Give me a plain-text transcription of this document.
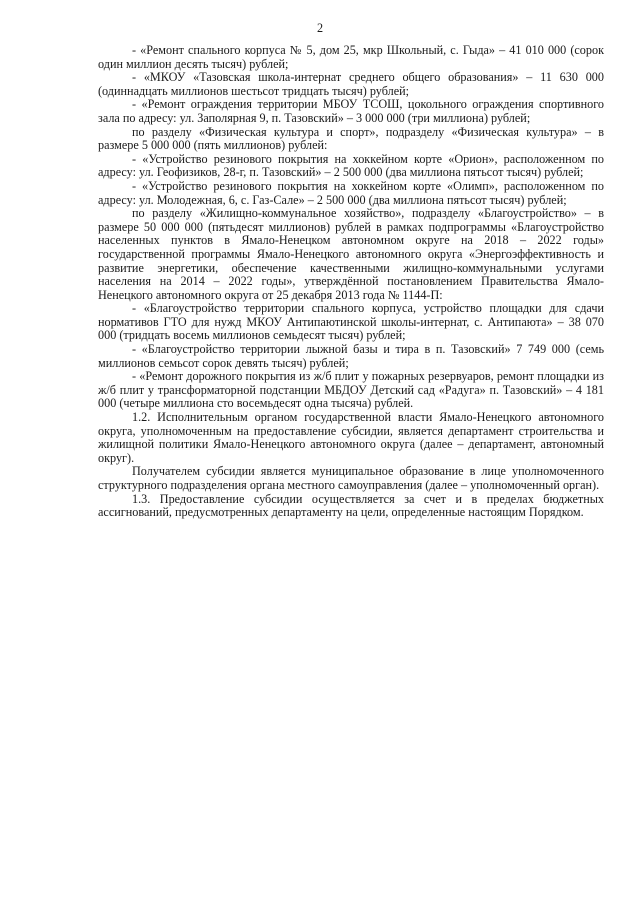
2

- «Ремонт спального корпуса № 5, дом 25, мкр Школьный, с. Гыда» – 41 010 000 (сорок один миллион десять тысяч) рублей;

- «МКОУ «Тазовская школа-интернат среднего общего образования» – 11 630 000 (одиннадцать миллионов шестьсот тридцать тысяч) рублей;

- «Ремонт ограждения территории МБОУ ТСОШ, цокольного ограждения спортивного зала по адресу: ул. Заполярная 9, п. Тазовский» – 3 000 000 (три миллиона) рублей;

по разделу «Физическая культура и спорт», подразделу «Физическая культура» – в размере 5 000 000 (пять миллионов) рублей:

- «Устройство резинового покрытия на хоккейном корте «Орион», расположенном по адресу: ул. Геофизиков, 28-г, п. Тазовский» – 2 500 000 (два миллиона пятьсот тысяч) рублей;

- «Устройство резинового покрытия на хоккейном корте «Олимп», расположенном по адресу: ул. Молодежная, 6, с. Газ-Сале» – 2 500 000 (два миллиона пятьсот тысяч) рублей;

по разделу «Жилищно-коммунальное хозяйство», подразделу «Благоустройство» – в размере 50 000 000 (пятьдесят миллионов) рублей в рамках подпрограммы «Благоустройство населенных пунктов в Ямало-Ненецком автономном округе на 2018 – 2022 годы» государственной программы Ямало-Ненецкого автономного округа «Энергоэффективность и развитие энергетики, обеспечение качественными жилищно-коммунальными услугами населения на 2014 – 2022 годы», утверждённой постановлением Правительства Ямало-Ненецкого автономного округа от 25 декабря 2013 года № 1144-П:

- «Благоустройство территории спального корпуса, устройство площадки для сдачи нормативов ГТО для нужд МКОУ Антипаютинской школы-интернат, с. Антипаюта» – 38 070 000 (тридцать восемь миллионов семьдесят тысяч) рублей;

- «Благоустройство территории лыжной базы и тира в п. Тазовский» 7 749 000 (семь миллионов семьсот сорок девять тысяч) рублей;

- «Ремонт дорожного покрытия из ж/б плит у пожарных резервуаров, ремонт площадки из ж/б плит у трансформаторной подстанции МБДОУ Детский сад «Радуга» п. Тазовский» – 4 181 000 (четыре миллиона сто восемьдесят одна тысяча) рублей.

1.2. Исполнительным органом государственной власти Ямало-Ненецкого автономного округа, уполномоченным на предоставление субсидии, является департамент строительства и жилищной политики Ямало-Ненецкого автономного округа (далее – департамент, автономный округ).

Получателем субсидии является муниципальное образование в лице уполномоченного структурного подразделения органа местного самоуправления (далее – уполномоченный орган).

1.3. Предоставление субсидии осуществляется за счет и в пределах бюджетных ассигнований, предусмотренных департаменту на цели, определенные настоящим Порядком.
